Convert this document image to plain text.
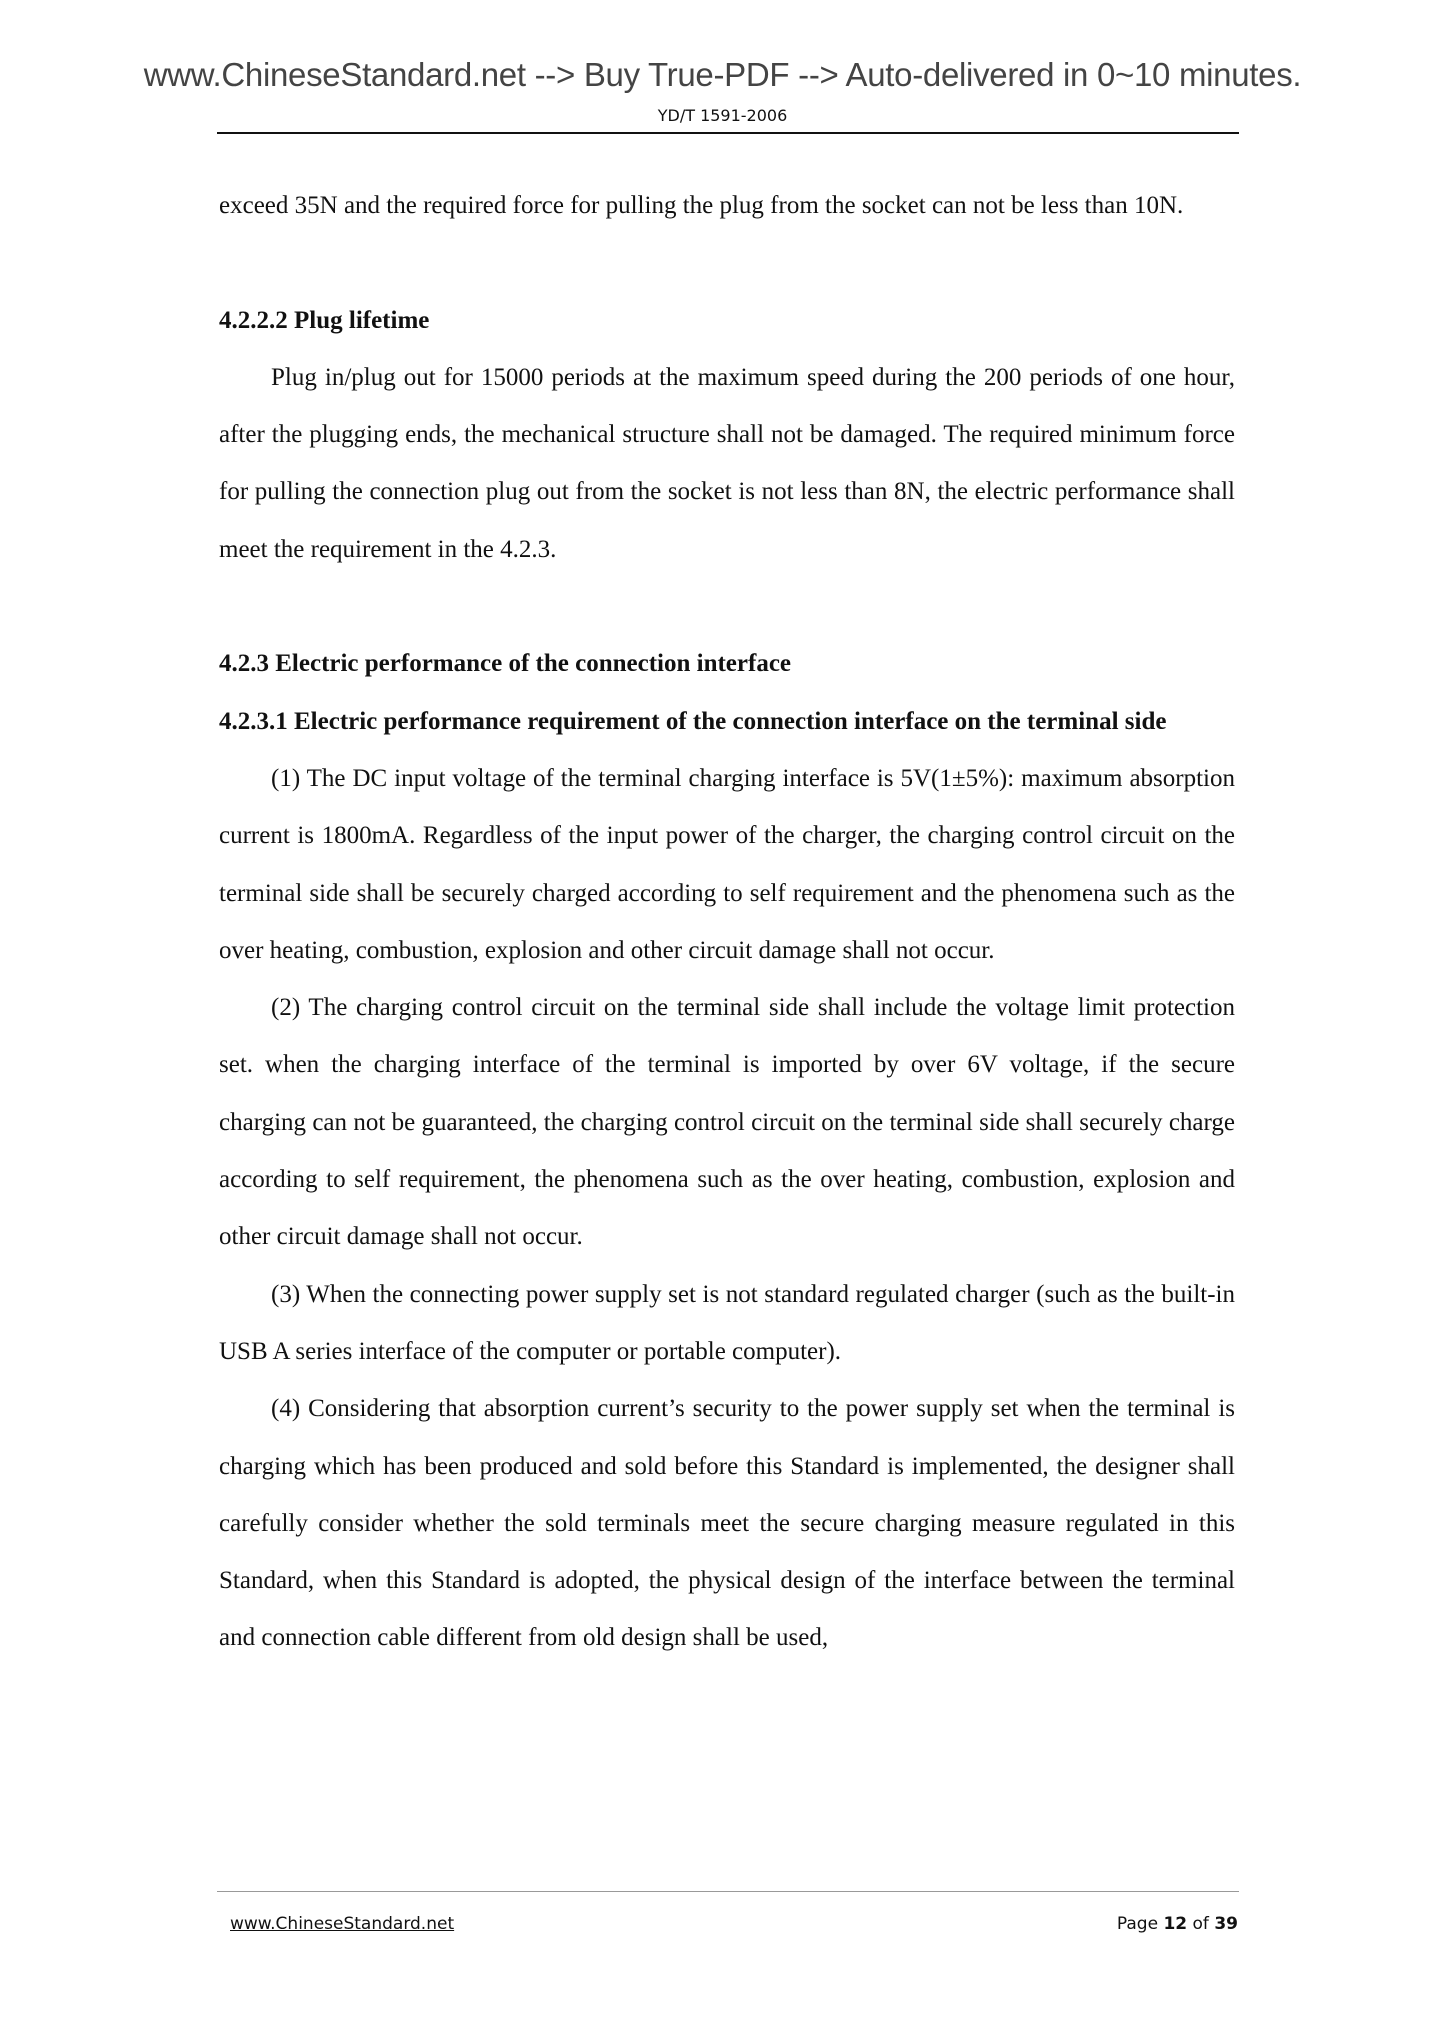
www.ChineseStandard.net --> Buy True-PDF --> Auto-delivered in 0~10 minutes.
YD/T 1591-2006

exceed 35N and the required force for pulling the plug from the socket can not be less than 10N.

4.2.2.2 Plug lifetime

Plug in/plug out for 15000 periods at the maximum speed during the 200 periods of one hour, after the plugging ends, the mechanical structure shall not be damaged. The required minimum force for pulling the connection plug out from the socket is not less than 8N, the electric performance shall meet the requirement in the 4.2.3.

4.2.3 Electric performance of the connection interface
4.2.3.1 Electric performance requirement of the connection interface on the terminal side

(1) The DC input voltage of the terminal charging interface is 5V(1±5%): maximum absorption current is 1800mA. Regardless of the input power of the charger, the charging control circuit on the terminal side shall be securely charged according to self requirement and the phenomena such as the over heating, combustion, explosion and other circuit damage shall not occur.

(2) The charging control circuit on the terminal side shall include the voltage limit protection set. when the charging interface of the terminal is imported by over 6V voltage, if the secure charging can not be guaranteed, the charging control circuit on the terminal side shall securely charge according to self requirement, the phenomena such as the over heating, combustion, explosion and other circuit damage shall not occur.

(3) When the connecting power supply set is not standard regulated charger (such as the built-in USB A series interface of the computer or portable computer).

(4) Considering that absorption current’s security to the power supply set when the terminal is charging which has been produced and sold before this Standard is implemented, the designer shall carefully consider whether the sold terminals meet the secure charging measure regulated in this Standard, when this Standard is adopted, the physical design of the interface between the terminal and connection cable different from old design shall be used,

www.ChineseStandard.net	Page 12 of 39
